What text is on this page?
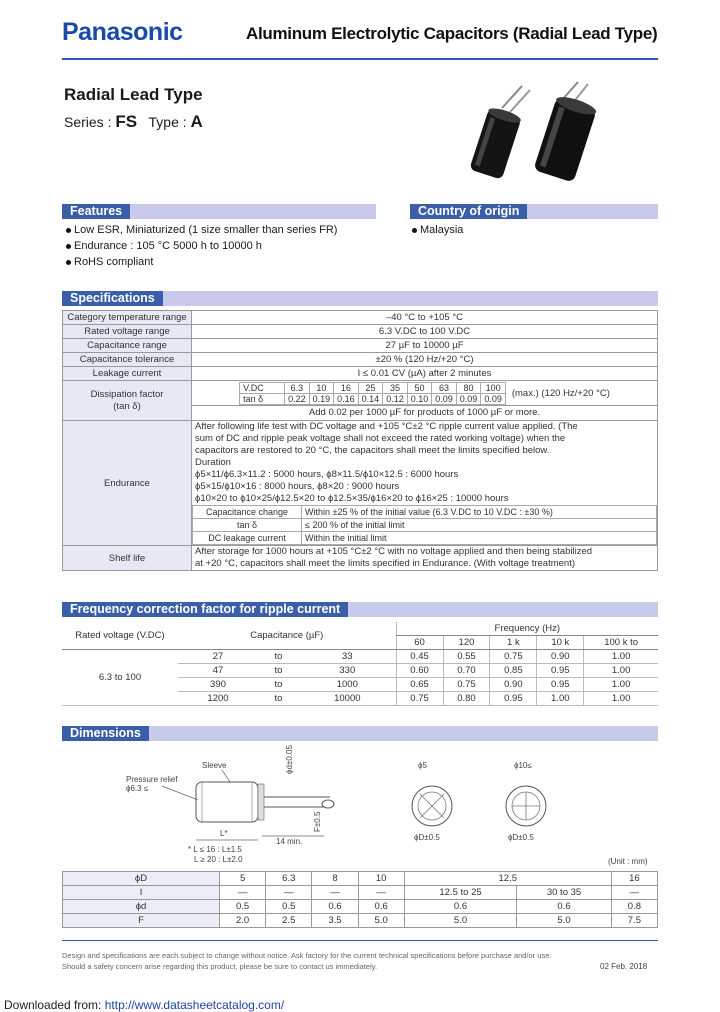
Panasonic	Aluminum Electrolytic Capacitors (Radial Lead Type)
Radial Lead Type
Series : FS Type : A
Features
Low ESR, Miniaturized (1 size smaller than series FR)
Endurance : 105 °C 5000 h to 10000 h
RoHS compliant
Country of origin
Malaysia
Specifications
Category temperature range	–40 °C to +105 °C
Rated voltage range	6.3 V.DC to 100 V.DC
Capacitance range	27 µF to 10000 µF
Capacitance tolerance	±20 % (120 Hz/+20 °C)
Leakage current	I ≤ 0.01 CV (µA) after 2 minutes

Dissipation factor
(tan δ)

V.DC	6.3	10	16	25	35	50	63	80	100
tan δ	0.22	0.19	0.16	0.14	0.12	0.10	0.09	0.09	0.09 (max.) (120 Hz/+20 °C)
Add 0.02 per 1000 µF for products of 1000 µF or more.

Endurance	
After following life test with DC voltage and +105 °C±2 °C ripple current value applied. (The
sum of DC and ripple peak voltage shall not exceed the rated working voltage) when the
capacitors are restored to 20 °C, the capacitors shall meet the limits specified below.
Duration
ϕ5×11/ϕ6.3×11.2 : 5000 hours, ϕ8×11.5/ϕ10×12.5 : 6000 hours
ϕ5×15/ϕ10×16 : 8000 hours, ϕ8×20 : 9000 hours
ϕ10×20 to ϕ10×25/ϕ12.5×20 to ϕ12.5×35/ϕ16×20 to ϕ16×25 : 10000 hours
Capacitance change	Within ±25 % of the initial value (6.3 V.DC to 10 V.DC : ±30 %)
tan δ	≤ 200 % of the initial limit
DC leakage current	Within the initial limit

Shelf life	
After storage for 1000 hours at +105 °C±2 °C with no voltage applied and then being stabilized
at +20 °C, capacitors shall meet the limits specified in Endurance. (With voltage treatment)
Frequency correction factor for ripple current
Rated voltage (V.DC)	Capacitance (µF)			Frequency (Hz)				
				60	120	1 k	10 k	100 k to
6.3 to 100	27	to	33	0.45	0.55	0.75	0.90	1.00
	47	to	330	0.60	0.70	0.85	0.95	1.00
	390	to	1000	0.65	0.75	0.90	0.95	1.00
	1200	to	10000	0.75	0.80	0.95	1.00	1.00
Dimensions
Sleeve
Pressure relief
ϕ6.3 ≤
ϕd±0.05
L*
14 min.
F±0.5
* L ≤ 16 : L±1.5
L ≥ 20 : L±2.0
ϕ5
ϕD±0.5
ϕ10≤
ϕD±0.5
(Unit : mm)
ϕD	5	6.3	8	10	12.5		16
l	—	—	—	—	12.5 to 25	30 to 35	—
ϕd	0.5	0.5	0.6	0.6	0.6	0.6	0.8
F	2.0	2.5	3.5	5.0	5.0	5.0	7.5
Design and specifications are each subject to change without notice. Ask factory for the current technical specifications before purchase and/or use.
Should a safety concern arise regarding this product, please be sure to contact us immediately.	02 Feb. 2018
Downloaded from: http://www.datasheetcatalog.com/
